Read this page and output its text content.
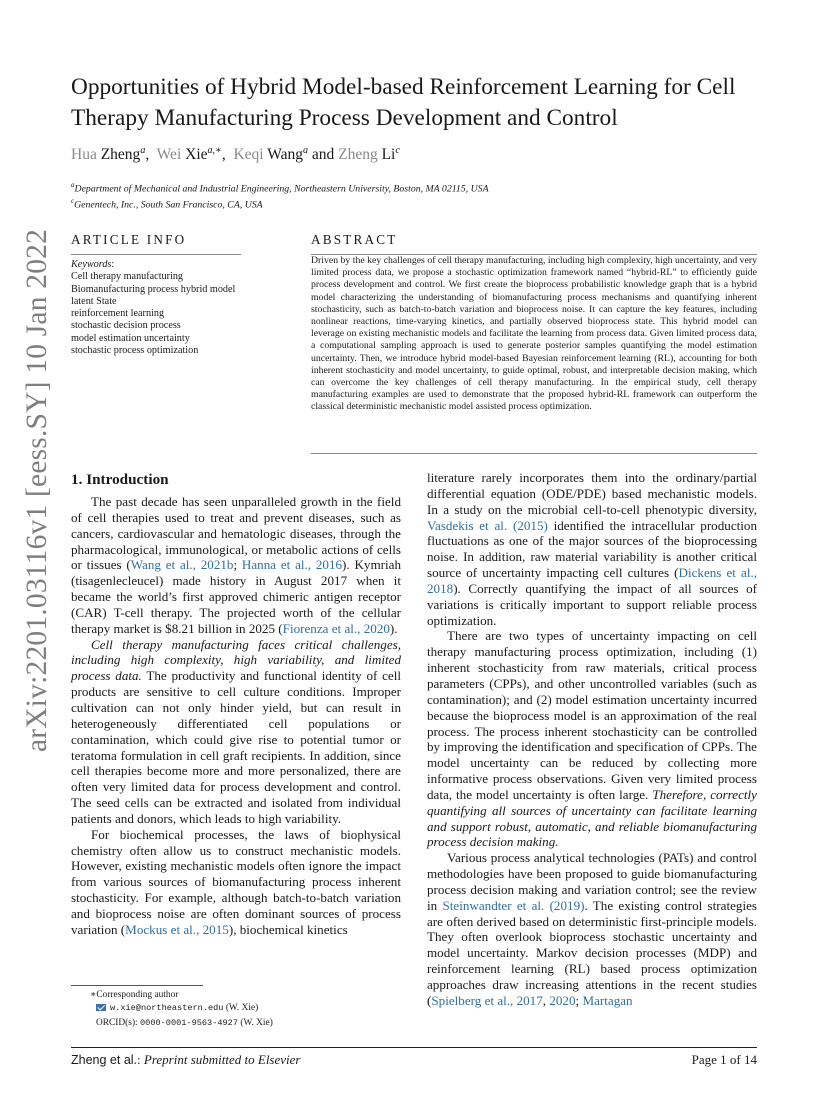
arXiv:2201.03116v1 [eess.SY] 10 Jan 2022
Opportunities of Hybrid Model-based Reinforcement Learning for Cell Therapy Manufacturing Process Development and Control
Hua Zheng$^a$,  Wei Xie$^{a,∗}$,  Keqi Wang$^a$ and Zheng Li$^c$
$^a$Department of Mechanical and Industrial Engineering, Northeastern University, Boston, MA 02115, USA
$^c$Genentech, Inc., South San Francisco, CA, USA
ARTICLE INFO	ABSTRACT
Keywords:
Cell therapy manufacturing
Biomanufacturing process hybrid model
latent State
reinforcement learning
stochastic decision process
model estimation uncertainty
stochastic process optimization
Driven by the key challenges of cell therapy manufacturing, including high complexity, high uncertainty, and very limited process data, we propose a stochastic optimization framework named “hybrid-RL” to efficiently guide process development and control. We first create the bioprocess probabilistic knowledge graph that is a hybrid model characterizing the understanding of biomanufacturing process mechanisms and quantifying inherent stochasticity, such as batch-to-batch variation and bioprocess noise. It can capture the key features, including nonlinear reactions, time-varying kinetics, and partially observed bioprocess state. This hybrid model can leverage on existing mechanistic models and facilitate the learning from process data. Given limited process data, a computational sampling approach is used to generate posterior samples quantifying the model estimation uncertainty. Then, we introduce hybrid model-based Bayesian reinforcement learning (RL), accounting for both inherent stochasticity and model uncertainty, to guide optimal, robust, and interpretable decision making, which can overcome the key challenges of cell therapy manufacturing. In the empirical study, cell therapy manufacturing examples are used to demonstrate that the proposed hybrid-RL framework can outperform the classical deterministic mechanistic model assisted process optimization.
1. Introduction

The past decade has seen unparalleled growth in the field of cell therapies used to treat and prevent diseases, such as cancers, cardiovascular and hematologic diseases, through the pharmacological, immunological, or metabolic actions of cells or tissues (Wang et al., 2021b; Hanna et al., 2016). Kymriah (tisagenlecleucel) made history in August 2017 when it became the world’s first approved chimeric antigen receptor (CAR) T-cell therapy. The projected worth of the cellular therapy market is $8.21 billion in 2025 (Fiorenza et al., 2020).

Cell therapy manufacturing faces critical challenges, including high complexity, high variability, and limited process data. The productivity and functional identity of cell products are sensitive to cell culture conditions. Improper cultivation can not only hinder yield, but can result in heterogeneously differentiated cell populations or contamination, which could give rise to potential tumor or teratoma formulation in cell graft recipients. In addition, since cell therapies become more and more personalized, there are often very limited data for process development and control. The seed cells can be extracted and isolated from individual patients and donors, which leads to high variability.

For biochemical processes, the laws of biophysical chemistry often allow us to construct mechanistic models. However, existing mechanistic models often ignore the impact from various sources of biomanufacturing process inherent stochasticity. For example, although batch-to-batch variation and bioprocess noise are often dominant sources of process variation (Mockus et al., 2015), biochemical kinetics

literature rarely incorporates them into the ordinary/partial differential equation (ODE/PDE) based mechanistic models. In a study on the microbial cell-to-cell phenotypic diversity, Vasdekis et al. (2015) identified the intracellular production fluctuations as one of the major sources of the bioprocessing noise. In addition, raw material variability is another critical source of uncertainty impacting cell cultures (Dickens et al., 2018). Correctly quantifying the impact of all sources of variations is critically important to support reliable process optimization.

There are two types of uncertainty impacting on cell therapy manufacturing process optimization, including (1) inherent stochasticity from raw materials, critical process parameters (CPPs), and other uncontrolled variables (such as contamination); and (2) model estimation uncertainty incurred because the bioprocess model is an approximation of the real process. The process inherent stochasticity can be controlled by improving the identification and specification of CPPs. The model uncertainty can be reduced by collecting more informative process observations. Given very limited process data, the model uncertainty is often large. Therefore, correctly quantifying all sources of uncertainty can facilitate learning and support robust, automatic, and reliable biomanufacturing process decision making.

Various process analytical technologies (PATs) and control methodologies have been proposed to guide biomanufacturing process decision making and variation control; see the review in Steinwandter et al. (2019). The existing control strategies are often derived based on deterministic first-principle models. They often overlook bioprocess stochastic uncertainty and model uncertainty. Markov decision processes (MDP) and reinforcement learning (RL) based process optimization approaches draw increasing attentions in the recent studies (Spielberg et al., 2017, 2020; Martagan

∗Corresponding author
w.xie@northeastern.edu (W. Xie)
ORCID(s): 0000-0001-9563-4927 (W. Xie)
Zheng et al.: Preprint submitted to Elsevier	Page 1 of 14
